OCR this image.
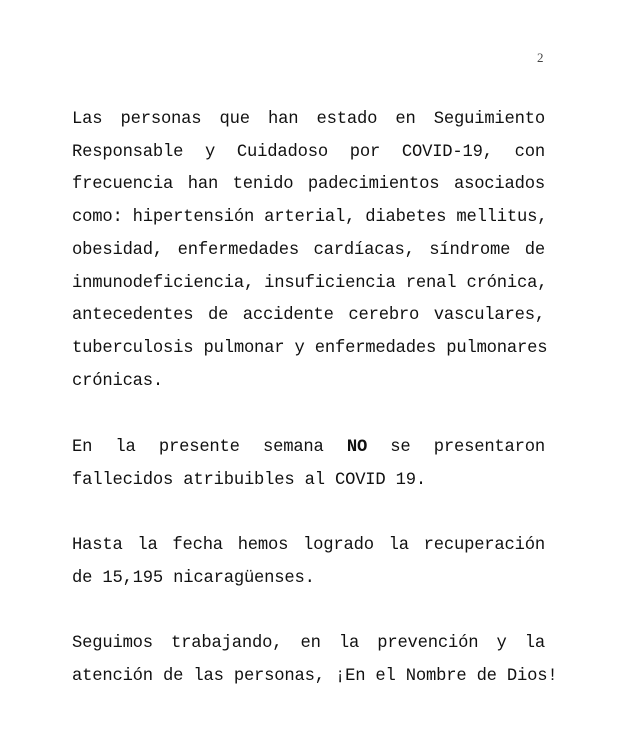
2
Las personas que han estado en Seguimiento
Responsable y Cuidadoso por COVID-19, con
frecuencia han tenido padecimientos asociados
como: hipertensión arterial, diabetes mellitus,
obesidad, enfermedades cardíacas, síndrome de
inmunodeficiencia, insuficiencia renal crónica,
antecedentes de accidente cerebro vasculares,
tuberculosis pulmonar y enfermedades pulmonares
crónicas.
En la presente semana NO se presentaron
fallecidos atribuibles al COVID 19.
Hasta la fecha hemos logrado la recuperación
de 15,195 nicaragüenses.
Seguimos trabajando, en la prevención y la
atención de las personas, ¡En el Nombre de Dios!
